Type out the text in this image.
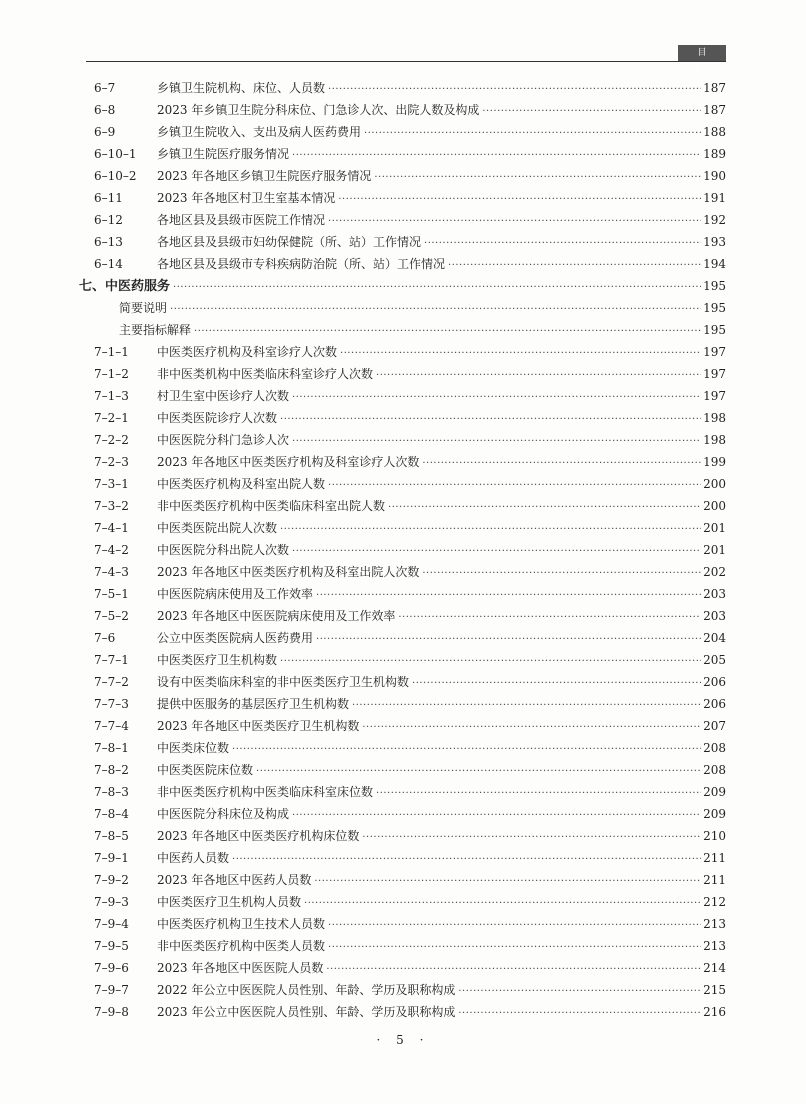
目 录
6–7	乡镇卫生院机构、床位、人员数 ·····	187
6–8	2023 年乡镇卫生院分科床位、门急诊人次、出院人数及构成 ·····	187
6–9	乡镇卫生院收入、支出及病人医药费用 ·····	188
6–10–1 乡镇卫生院医疗服务情况 ·····	189
6–10–2 2023 年各地区乡镇卫生院医疗服务情况 ·····	190
6–11	2023 年各地区村卫生室基本情况 ·····	191
6–12	各地区县及县级市医院工作情况 ·····	192
6–13	各地区县及县级市妇幼保健院（所、站）工作情况 ·····	193
6–14	各地区县及县级市专科疾病防治院（所、站）工作情况 ·····	194
七、中医药服务 ·····	195
简要说明 ·····	195
主要指标解释 ·····	195
7–1–1 中医类医疗机构及科室诊疗人次数 ·····	197
7–1–2 非中医类机构中医类临床科室诊疗人次数 ·····	197
7–1–3 村卫生室中医诊疗人次数 ·····	197
7–2–1 中医类医院诊疗人次数 ·····	198
7–2–2 中医医院分科门急诊人次 ·····	198
7–2–3 2023 年各地区中医类医疗机构及科室诊疗人次数 ·····	199
7–3–1 中医类医疗机构及科室出院人数 ·····	200
7–3–2 非中医类医疗机构中医类临床科室出院人数 ·····	200
7–4–1 中医类医院出院人次数 ·····	201
7–4–2 中医医院分科出院人次数 ·····	201
7–4–3 2023 年各地区中医类医疗机构及科室出院人次数 ·····	202
7–5–1 中医医院病床使用及工作效率 ·····	203
7–5–2 2023 年各地区中医医院病床使用及工作效率 ·····	203
7–6	公立中医类医院病人医药费用 ·····	204
7–7–1 中医类医疗卫生机构数 ·····	205
7–7–2 设有中医类临床科室的非中医类医疗卫生机构数 ·····	206
7–7–3 提供中医服务的基层医疗卫生机构数 ·····	206
7–7–4 2023 年各地区中医类医疗卫生机构数 ·····	207
7–8–1 中医类床位数 ·····	208
7–8–2 中医类医院床位数 ·····	208
7–8–3 非中医类医疗机构中医类临床科室床位数 ·····	209
7–8–4 中医医院分科床位及构成 ·····	209
7–8–5 2023 年各地区中医类医疗机构床位数 ·····	210
7–9–1 中医药人员数 ·····	211
7–9–2 2023 年各地区中医药人员数 ·····	211
7–9–3 中医类医疗卫生机构人员数 ·····	212
7–9–4 中医类医疗机构卫生技术人员数 ·····	213
7–9–5 非中医类医疗机构中医类人员数 ·····	213
7–9–6 2023 年各地区中医医院人员数 ·····	214
7–9–7 2022 年公立中医医院人员性别、年龄、学历及职称构成 ·····	215
7–9–8 2023 年公立中医医院人员性别、年龄、学历及职称构成 ·····	216
· 5 ·
